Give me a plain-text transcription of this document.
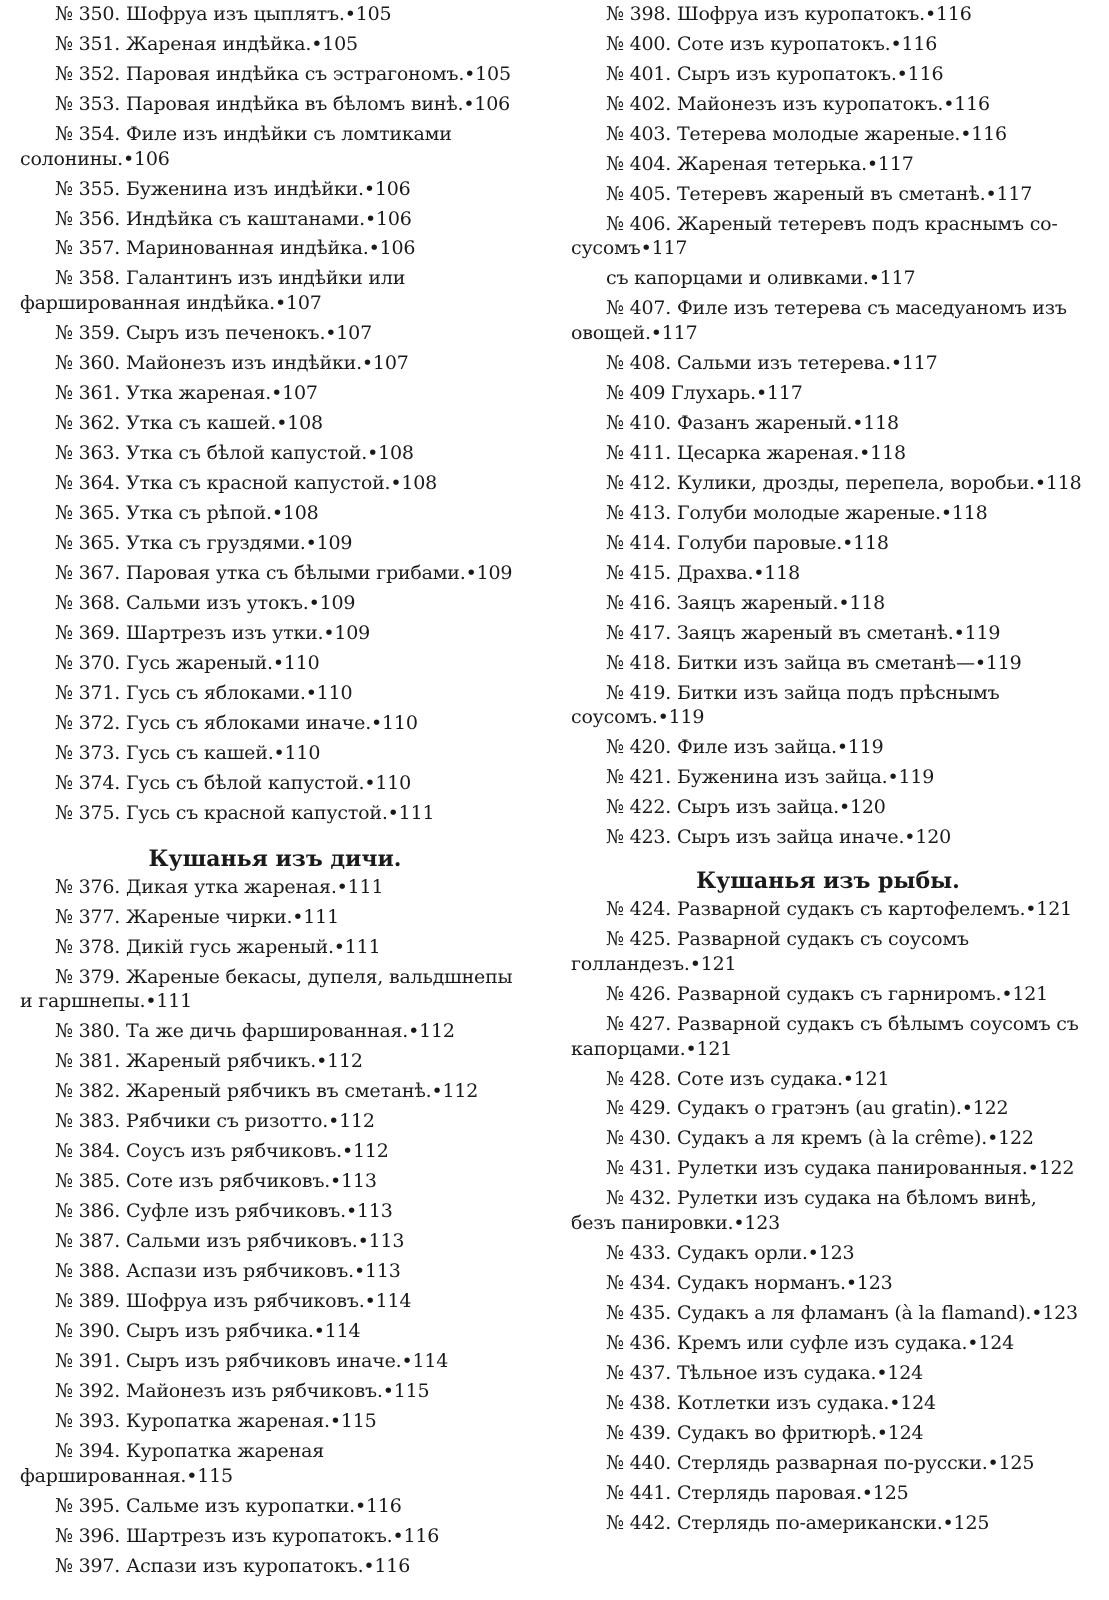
№ 350. Шофруа изъ цыплятъ.•105
№ 351. Жареная индѣйка.•105
№ 352. Паровая индѣйка съ эстрагономъ.•105
№ 353. Паровая индѣйка въ бѣломъ винѣ.•106
№ 354. Филе изъ индѣйки съ ломтиками солонины.•106
№ 355. Буженина изъ индѣйки.•106
№ 356. Индѣйка съ каштанами.•106
№ 357. Маринованная индѣйка.•106
№ 358. Галантинъ изъ индѣйки или фаршированная индѣйка.•107
№ 359. Сыръ изъ печенокъ.•107
№ 360. Майонезъ изъ индѣйки.•107
№ 361. Утка жареная.•107
№ 362. Утка съ кашей.•108
№ 363. Утка съ бѣлой капустой.•108
№ 364. Утка съ красной капустой.•108
№ 365. Утка съ рѣпой.•108
№ 365. Утка съ груздями.•109
№ 367. Паровая утка съ бѣлыми грибами.•109
№ 368. Сальми изъ утокъ.•109
№ 369. Шартрезъ изъ утки.•109
№ 370. Гусь жареный.•110
№ 371. Гусь съ яблоками.•110
№ 372. Гусь съ яблоками иначе.•110
№ 373. Гусь съ кашей.•110
№ 374. Гусь съ бѣлой капустой.•110
№ 375. Гусь съ красной капустой.•111
Кушанья изъ дичи.
№ 376. Дикая утка жареная.•111
№ 377. Жареные чирки.•111
№ 378. Дикiй гусь жареный.•111
№ 379. Жареные бекасы, дупеля, вальдшнепы и гаршнепы.•111
№ 380. Та же дичь фаршированная.•112
№ 381. Жареный рябчикъ.•112
№ 382. Жареный рябчикъ въ сметанѣ.•112
№ 383. Рябчики съ ризотто.•112
№ 384. Соусъ изъ рябчиковъ.•112
№ 385. Соте изъ рябчиковъ.•113
№ 386. Суфле изъ рябчиковъ.•113
№ 387. Сальми изъ рябчиковъ.•113
№ 388. Аспази изъ рябчиковъ.•113
№ 389. Шофруа изъ рябчиковъ.•114
№ 390. Сыръ изъ рябчика.•114
№ 391. Сыръ изъ рябчиковъ иначе.•114
№ 392. Майонезъ изъ рябчиковъ.•115
№ 393. Куропатка жареная.•115
№ 394. Куропатка жареная фаршированная.•115
№ 395. Сальме изъ куропатки.•116
№ 396. Шартрезъ изъ куропатокъ.•116
№ 397. Аспази изъ куропатокъ.•116
№ 398. Шофруа изъ куропатокъ.•116
№ 400. Соте изъ куропатокъ.•116
№ 401. Сыръ изъ куропатокъ.•116
№ 402. Майонезъ изъ куропатокъ.•116
№ 403. Тетерева молодые жареные.•116
№ 404. Жареная тетерька.•117
№ 405. Тетеревъ жареный въ сметанѣ.•117
№ 406. Жареный тетеревъ подъ краснымъ со-сусомъ•117
съ капорцами и оливками.•117
№ 407. Филе изъ тетерева съ маседуаномъ изъ овощей.•117
№ 408. Сальми изъ тетерева.•117
№ 409 Глухарь.•117
№ 410. Фазанъ жареный.•118
№ 411. Цесарка жареная.•118
№ 412. Кулики, дрозды, перепела, воробьи.•118
№ 413. Голуби молодые жареные.•118
№ 414. Голуби паровые.•118
№ 415. Драхва.•118
№ 416. Заяцъ жареный.•118
№ 417. Заяцъ жареный въ сметанѣ.•119
№ 418. Битки изъ зайца въ сметанѣ—•119
№ 419. Битки изъ зайца подъ прѣснымъ соусомъ.•119
№ 420. Филе изъ зайца.•119
№ 421. Буженина изъ зайца.•119
№ 422. Сыръ изъ зайца.•120
№ 423. Сыръ изъ зайца иначе.•120
Кушанья изъ рыбы.
№ 424. Разварной судакъ съ картофелемъ.•121
№ 425. Разварной судакъ съ соусомъ голландезъ.•121
№ 426. Разварной судакъ съ гарниромъ.•121
№ 427. Разварной судакъ съ бѣлымъ соусомъ съ капорцами.•121
№ 428. Соте изъ судака.•121
№ 429. Судакъ о гратэнъ (au gratin).•122
№ 430. Судакъ а ля кремъ (à la crême).•122
№ 431. Рулетки изъ судака панированныя.•122
№ 432. Рулетки изъ судака на бѣломъ винѣ, безъ панировки.•123
№ 433. Судакъ орли.•123
№ 434. Судакъ норманъ.•123
№ 435. Судакъ а ля фламанъ (à la flamand).•123
№ 436. Кремъ или суфле изъ судака.•124
№ 437. Тѣльное изъ судака.•124
№ 438. Котлетки изъ судака.•124
№ 439. Судакъ во фритюрѣ.•124
№ 440. Стерлядь разварная по-русски.•125
№ 441. Стерлядь паровая.•125
№ 442. Стерлядь по-американски.•125
